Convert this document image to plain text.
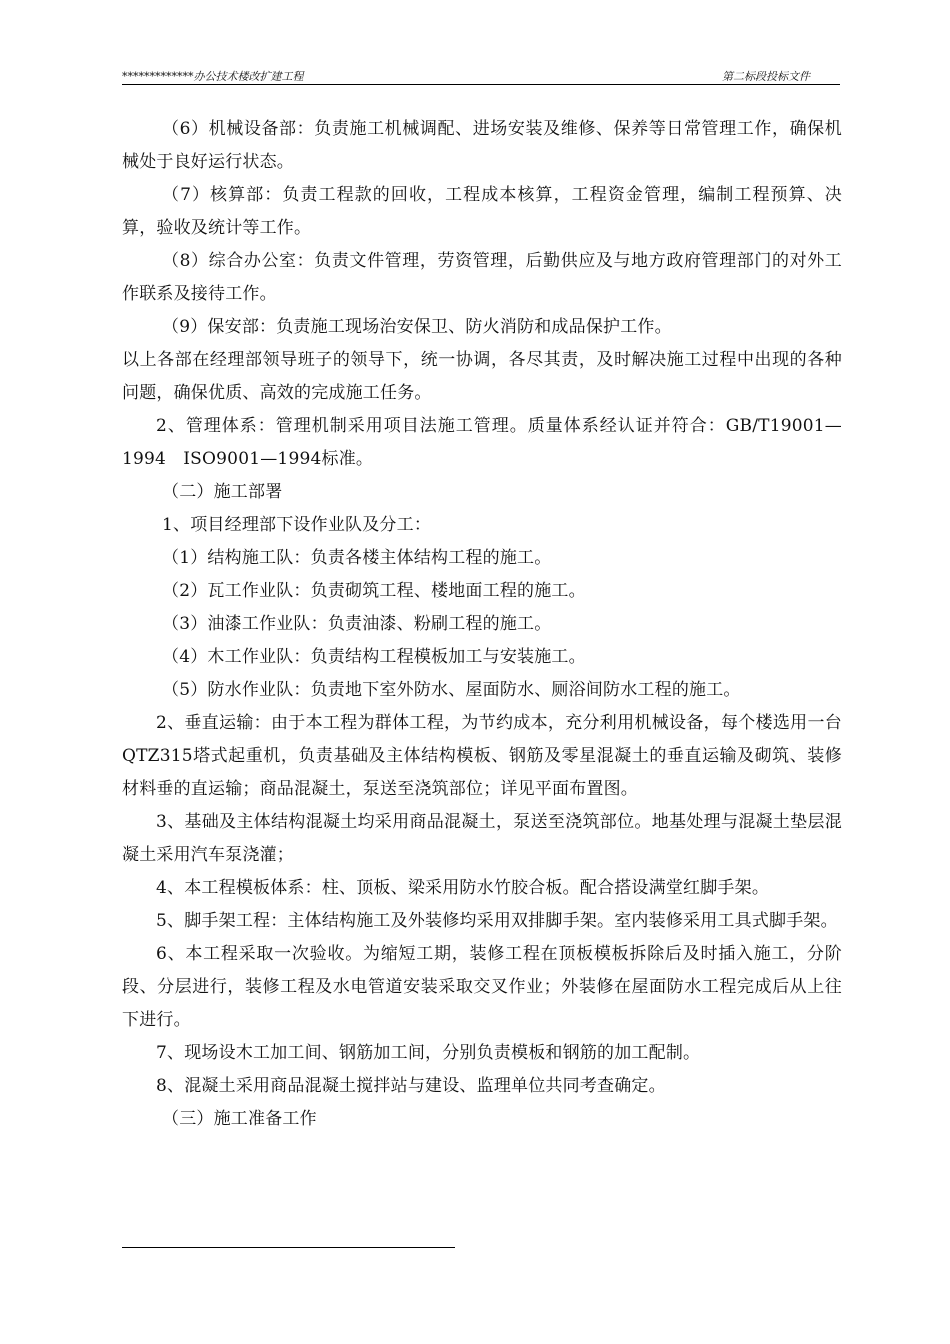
*************办公技术楼改扩建工程	第二标段投标文件

（6）机械设备部：负责施工机械调配、进场安装及维修、保养等日常管理工作，确保机械处于良好运行状态。

（7）核算部：负责工程款的回收，工程成本核算，工程资金管理，编制工程预算、决算，验收及统计等工作。

（8）综合办公室：负责文件管理，劳资管理，后勤供应及与地方政府管理部门的对外工作联系及接待工作。

（9）保安部：负责施工现场治安保卫、防火消防和成品保护工作。

以上各部在经理部领导班子的领导下，统一协调，各尽其责，及时解决施工过程中出现的各种问题，确保优质、高效的完成施工任务。

2、管理体系：管理机制采用项目法施工管理。质量体系经认证并符合：GB/T19001—1994　ISO9001—1994标准。

（二）施工部署

1、项目经理部下设作业队及分工：

（1）结构施工队：负责各楼主体结构工程的施工。

（2）瓦工作业队：负责砌筑工程、楼地面工程的施工。

（3）油漆工作业队：负责油漆、粉刷工程的施工。

（4）木工作业队：负责结构工程模板加工与安装施工。

（5）防水作业队：负责地下室外防水、屋面防水、厕浴间防水工程的施工。

2、垂直运输：由于本工程为群体工程，为节约成本，充分利用机械设备，每个楼选用一台QTZ315塔式起重机，负责基础及主体结构模板、钢筋及零星混凝土的垂直运输及砌筑、装修材料垂的直运输；商品混凝土，泵送至浇筑部位；详见平面布置图。

3、基础及主体结构混凝土均采用商品混凝土，泵送至浇筑部位。地基处理与混凝土垫层混凝土采用汽车泵浇灌；

4、本工程模板体系：柱、顶板、梁采用防水竹胶合板。配合搭设满堂红脚手架。

5、脚手架工程：主体结构施工及外装修均采用双排脚手架。室内装修采用工具式脚手架。

6、本工程采取一次验收。为缩短工期，装修工程在顶板模板拆除后及时插入施工，分阶段、分层进行，装修工程及水电管道安装采取交叉作业；外装修在屋面防水工程完成后从上往下进行。

7、现场设木工加工间、钢筋加工间，分别负责模板和钢筋的加工配制。

8、混凝土采用商品混凝土搅拌站与建设、监理单位共同考查确定。

（三）施工准备工作
